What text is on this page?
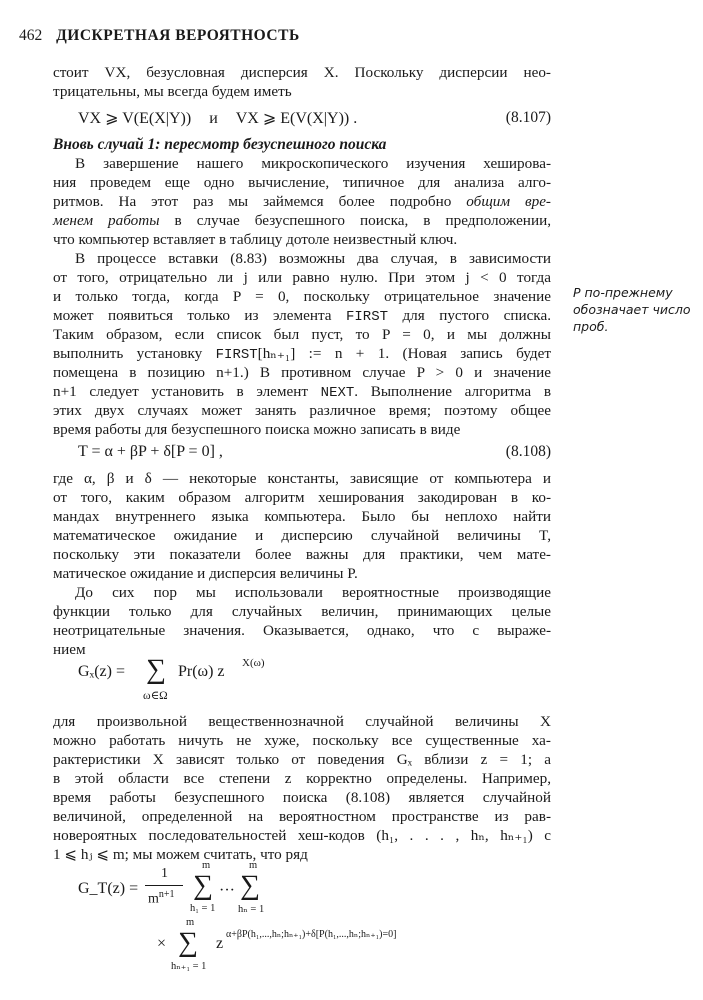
462 ДИСКРЕТНАЯ ВЕРОЯТНОСТЬ
стоит VX, безусловная дисперсия X. Поскольку дисперсии нео-
трицательны, мы всегда будем иметь
VX ⩾ V(E(X|Y)) и VX ⩾ E(V(X|Y)) .	(8.107)
Вновь случай 1: пересмотр безуспешного поиска
В завершение нашего микроскопического изучения хеширова-
ния проведем еще одно вычисление, типичное для анализа алго-
ритмов. На этот раз мы займемся более подробно общим вре-
менем работы в случае безуспешного поиска, в предположении,
что компьютер вставляет в таблицу дотоле неизвестный ключ.
В процессе вставки (8.83) возможны два случая, в зависимости
от того, отрицательно ли j или равно нулю. При этом j < 0 тогда
и только тогда, когда P = 0, поскольку отрицательное значение
может появиться только из элемента FIRST для пустого списка.
Таким образом, если список был пуст, то P = 0, и мы должны
выполнить установку FIRST[hₙ₊₁] := n + 1. (Новая запись будет
помещена в позицию n+1.) В противном случае P > 0 и значение
n+1 следует установить в элемент NEXT. Выполнение алгоритма в
этих двух случаях может занять различное время; поэтому общее
время работы для безуспешного поиска можно записать в виде
P по-прежнему
обозначает число
проб.
T = α + βP + δ[P = 0] ,	(8.108)
где α, β и δ — некоторые константы, зависящие от компьютера и
от того, каким образом алгоритм хеширования закодирован в ко-
мандах внутреннего языка компьютера. Было бы неплохо найти
математическое ожидание и дисперсию случайной величины T,
поскольку эти показатели более важны для практики, чем мате-
матическое ожидание и дисперсия величины P.
До сих пор мы использовали вероятностные производящие
функции только для случайных величин, принимающих целые
неотрицательные значения. Оказывается, однако, что с выраже-
нием
Gₓ(z) = ∑
ω∈Ω
Pr(ω) z X(ω)
для произвольной вещественнозначной случайной величины X
можно работать ничуть не хуже, поскольку все существенные ха-
рактеристики X зависят только от поведения Gₓ вблизи z = 1; а
в этой области все степени z корректно определены. Например,
время работы безуспешного поиска (8.108) является случайной
величиной, определенной на вероятностном пространстве из рав-
новероятных последовательностей хеш-кодов (h₁, . . . , hₙ, hₙ₊₁) с
1 ⩽ hⱼ ⩽ m; мы можем считать, что ряд
G_T(z) =
1
$m^{n+1}$
m
∑
h₁ = 1
···
m
∑
hₙ = 1
×
m
∑
hₙ₊₁ = 1
z
α+βP(h₁,...,hₙ;hₙ₊₁)+δ[P(h₁,...,hₙ;hₙ₊₁)=0]
